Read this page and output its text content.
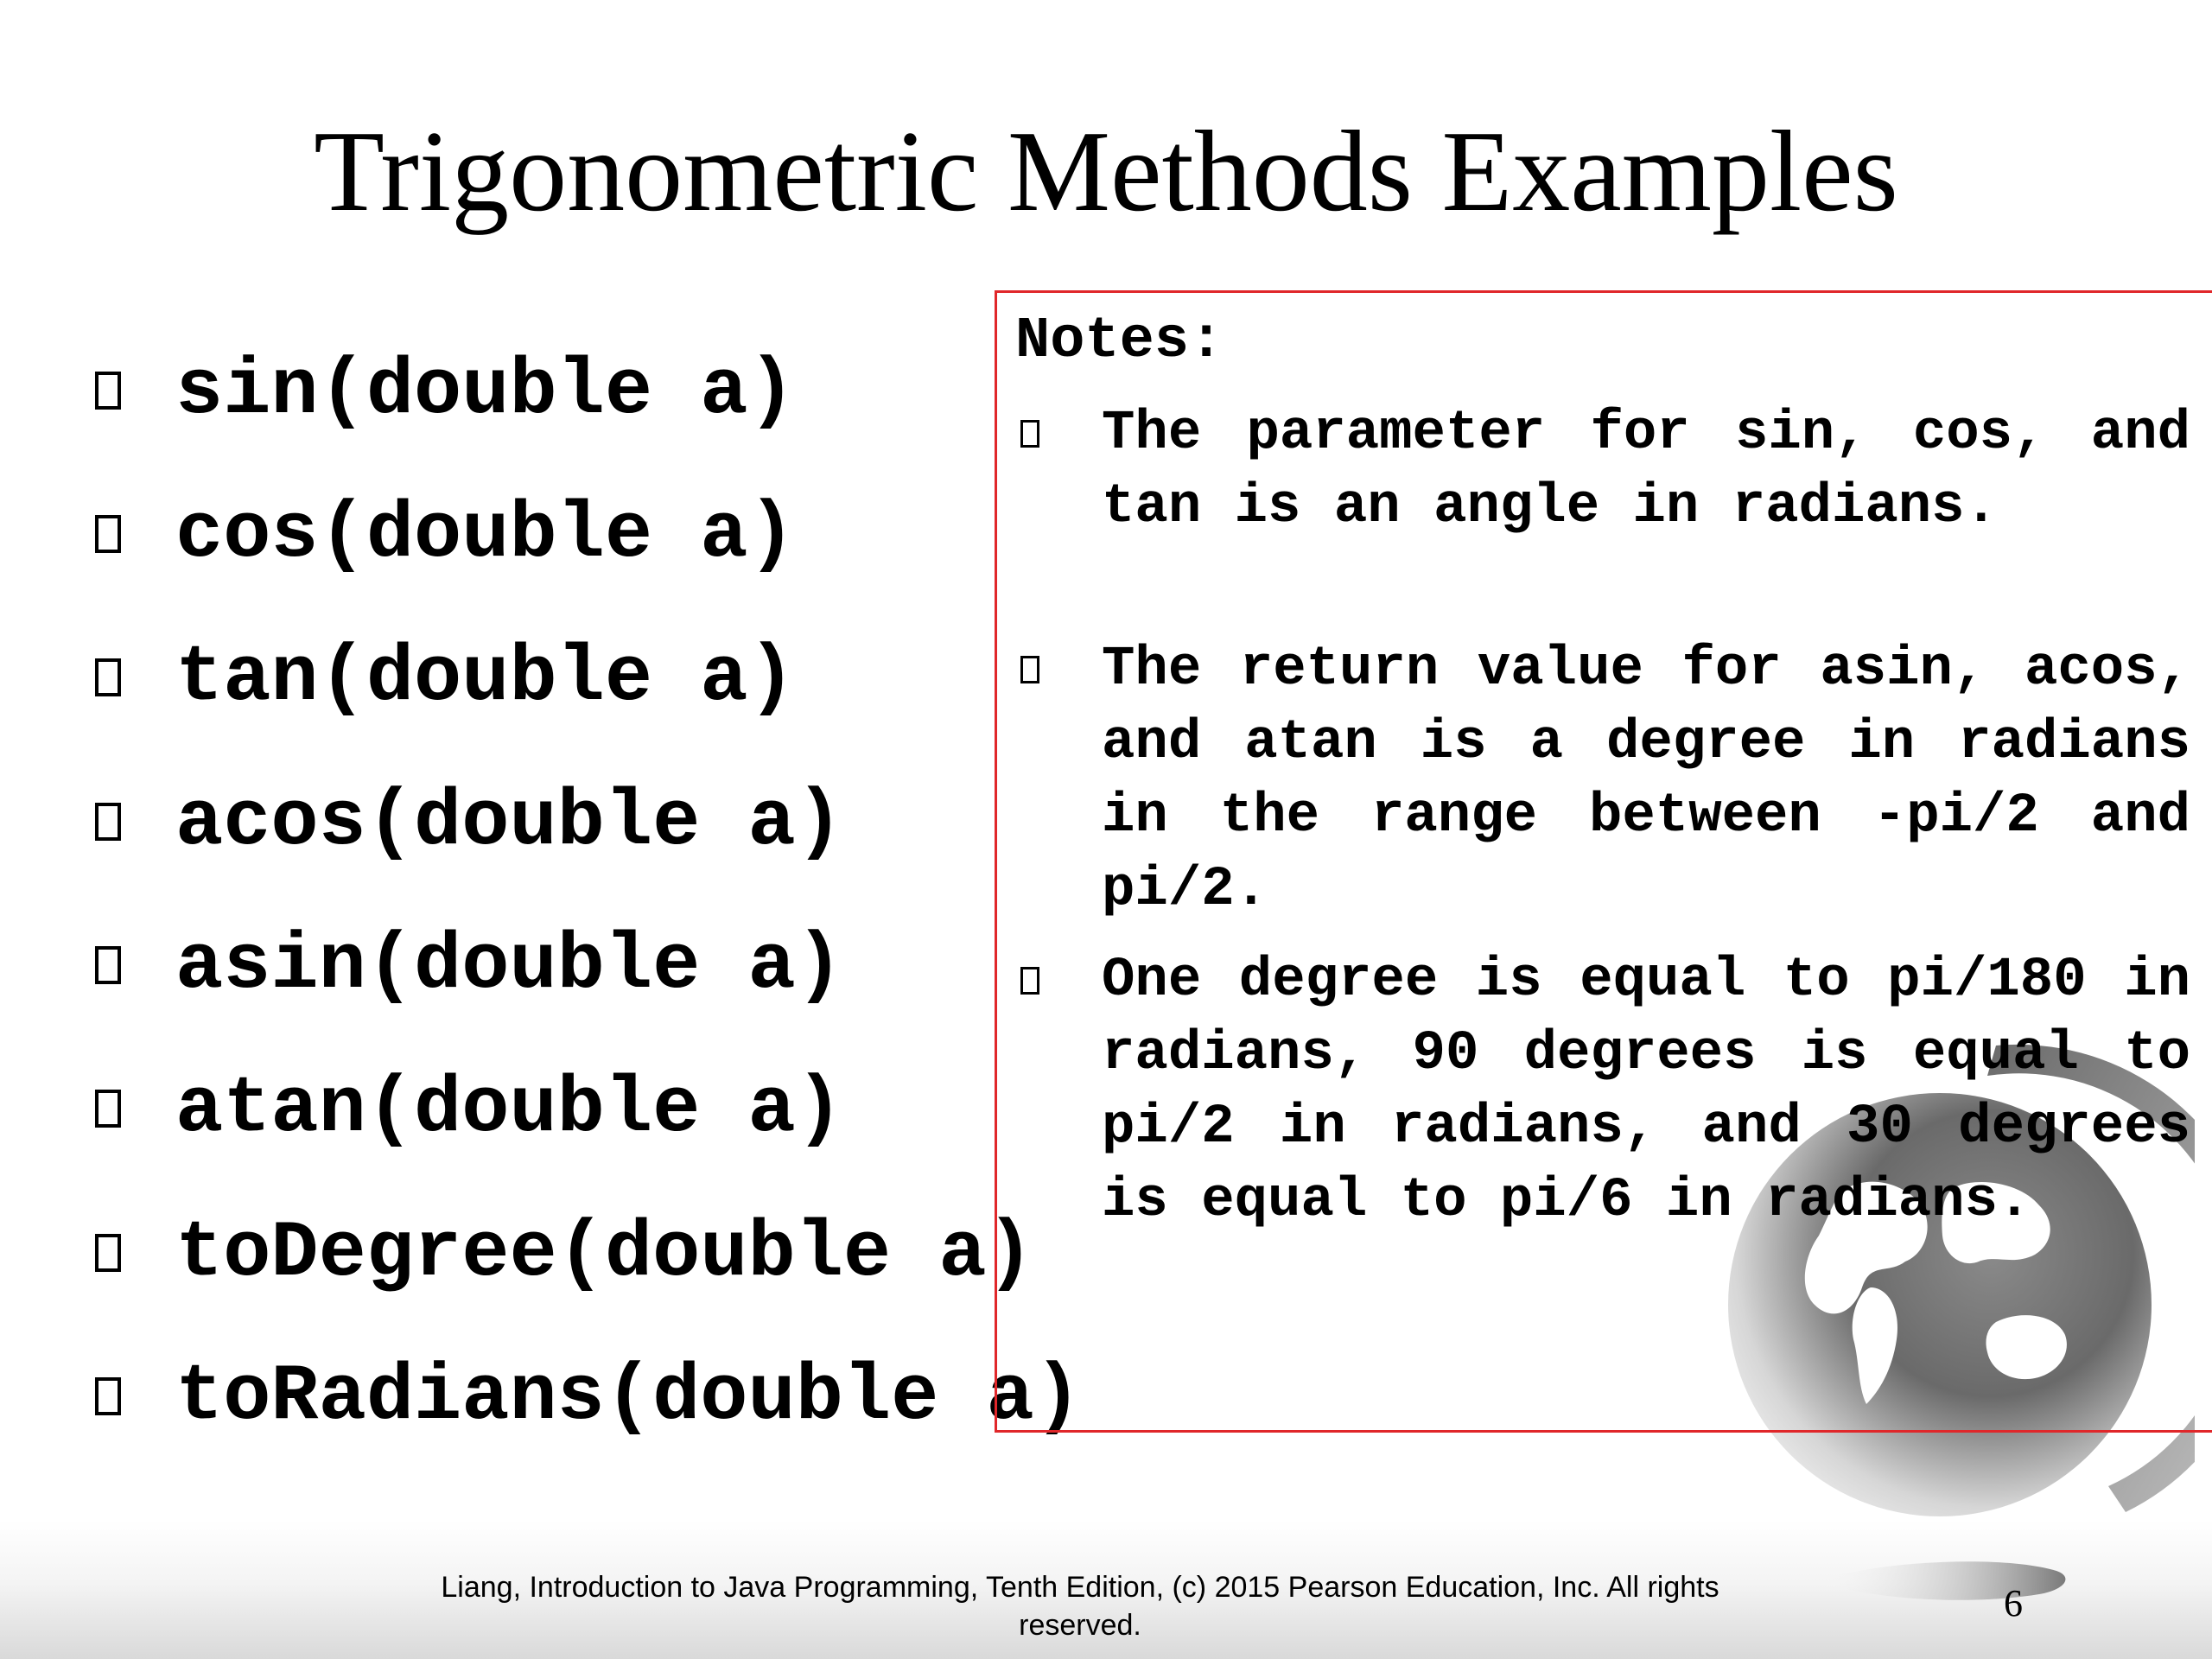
Trigonometric Methods Examples
sin(double a)
cos(double a)
tan(double a)
acos(double a)
asin(double a)
atan(double a)
toDegree(double a)
toRadians(double a)
Notes:

The parameter for sin, cos, and tan is an angle in radians.

The return value for asin, acos, and atan is a degree in radians in the range between -pi/2 and pi/2.

One degree is equal to pi/180 in radians, 90 degrees is equal to pi/2 in radians, and 30 degrees is equal to pi/6 in radians.

Liang, Introduction to Java Programming, Tenth Edition, (c) 2015 Pearson Education, Inc. All rights reserved.
6
